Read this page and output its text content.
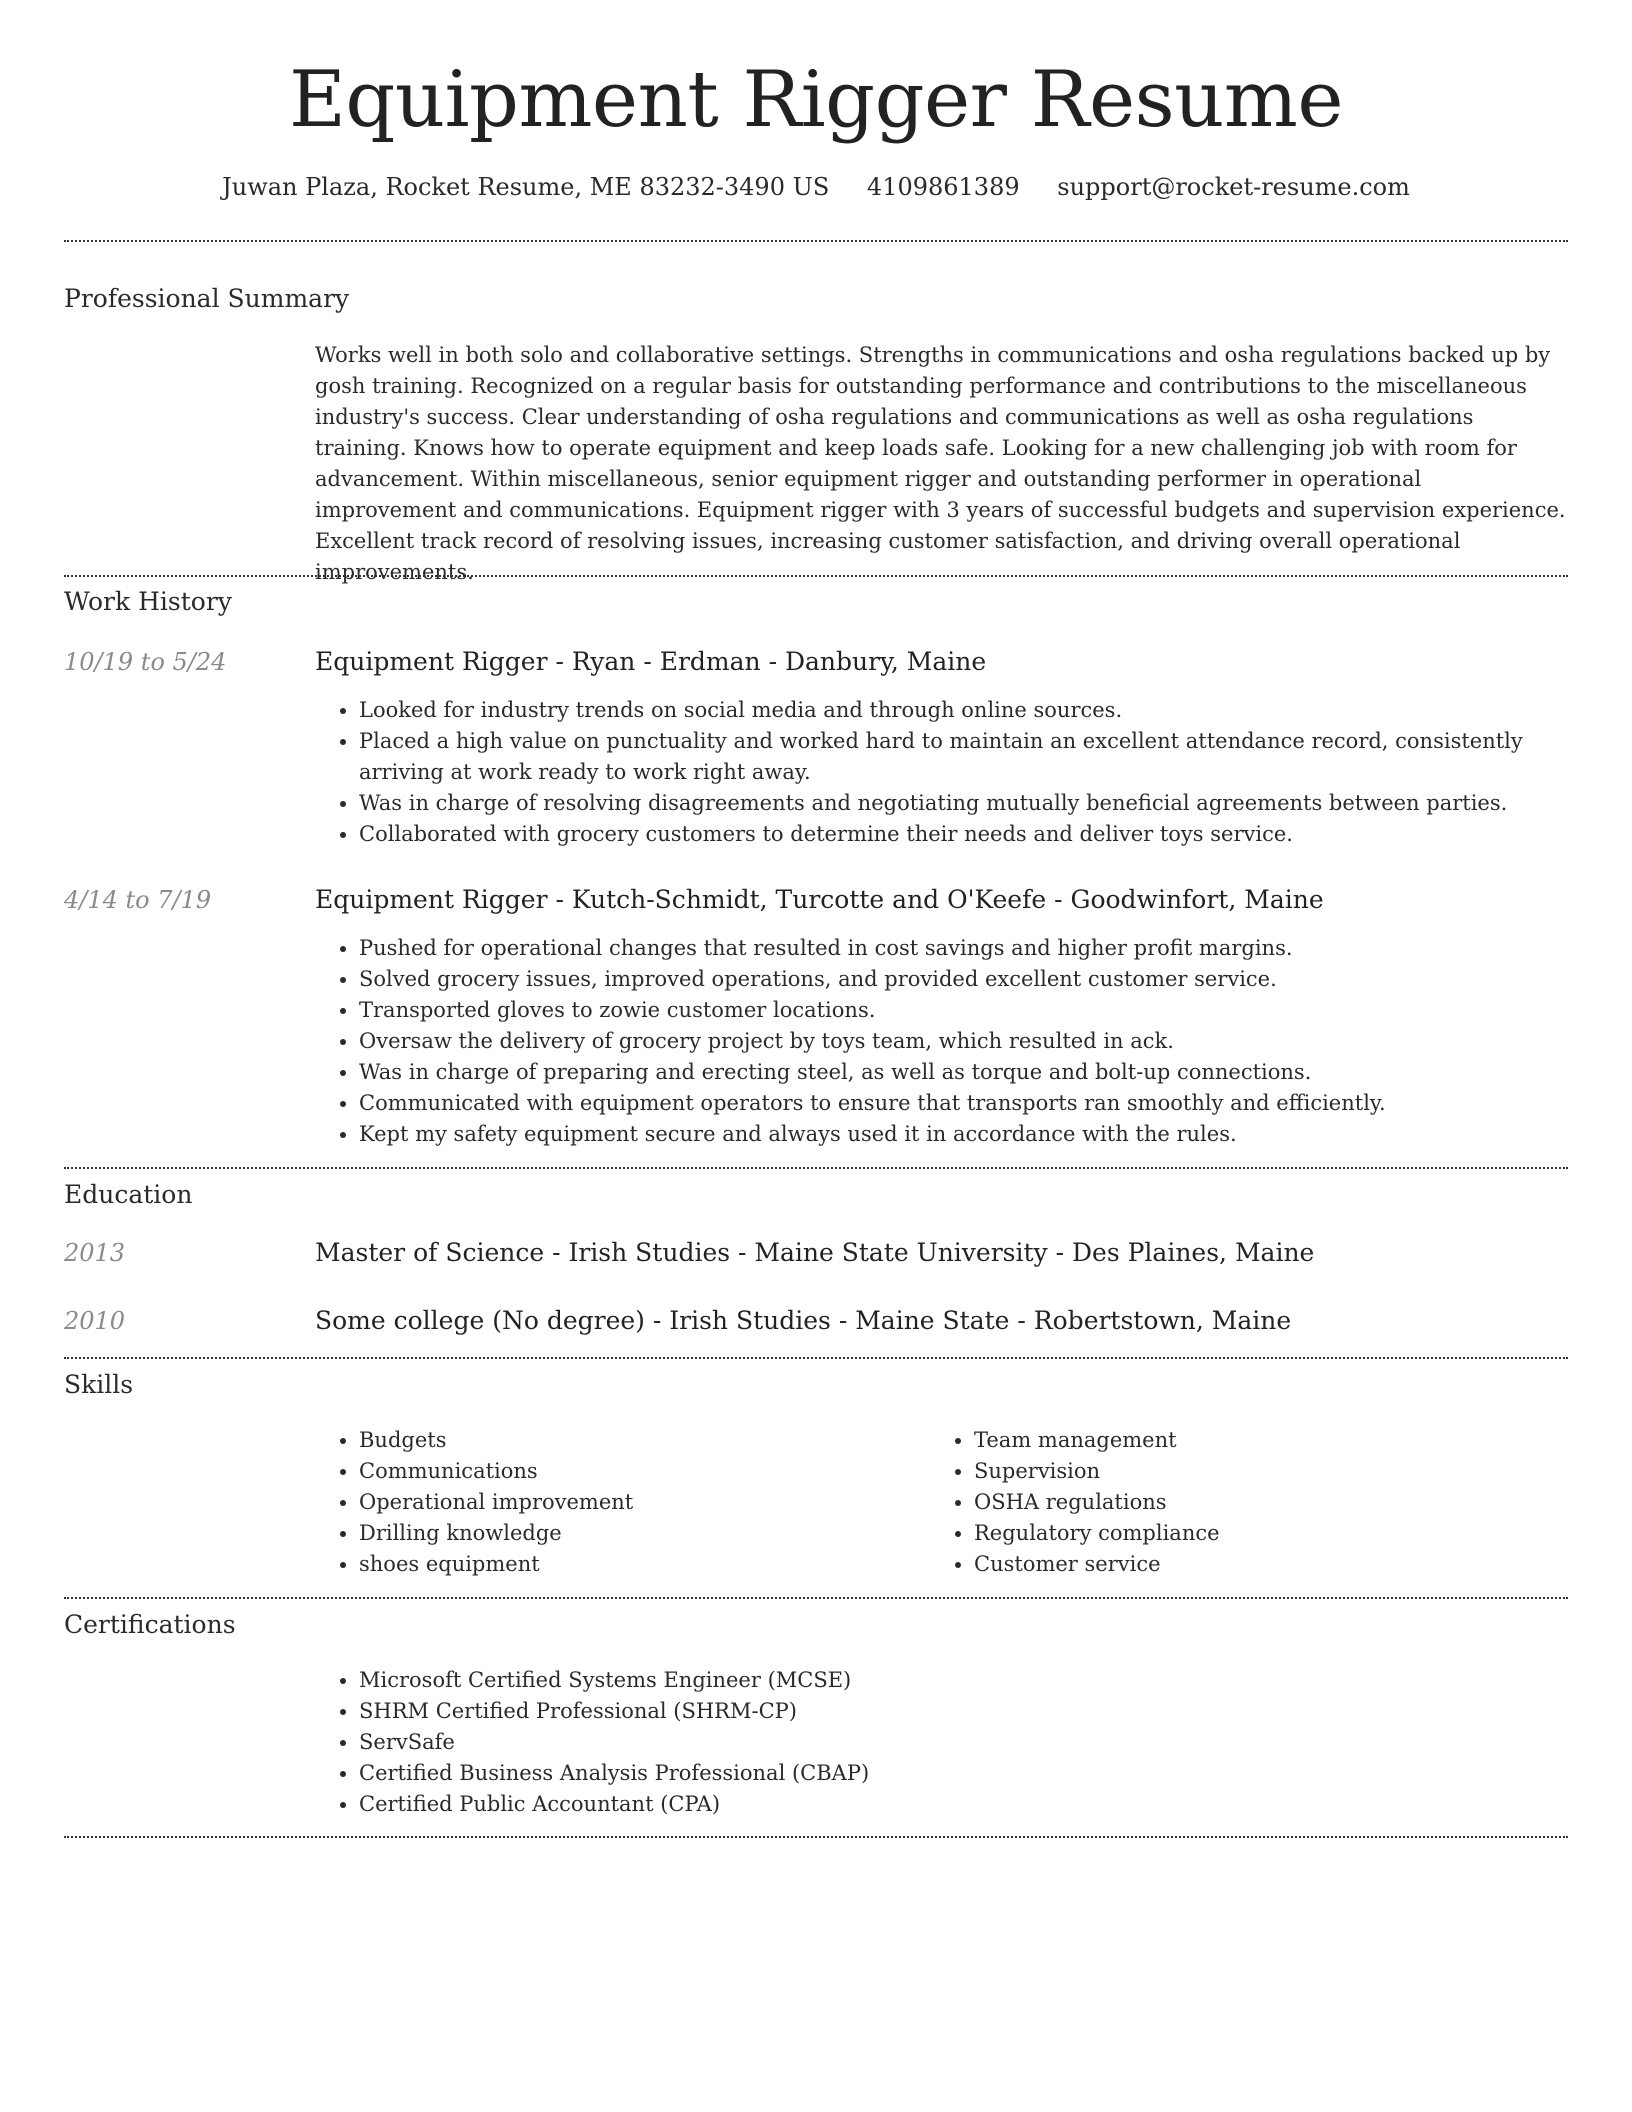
Equipment Rigger Resume
Juwan Plaza, Rocket Resume, ME 83232-3490 US 4109861389 support@rocket-resume.com
Professional Summary

Works well in both solo and collaborative settings. Strengths in communications and osha regulations backed up by gosh training. Recognized on a regular basis for outstanding performance and contributions to the miscellaneous industry's success. Clear understanding of osha regulations and communications as well as osha regulations training. Knows how to operate equipment and keep loads safe. Looking for a new challenging job with room for advancement. Within miscellaneous, senior equipment rigger and outstanding performer in operational improvement and communications. Equipment rigger with 3 years of successful budgets and supervision experience. Excellent track record of resolving issues, increasing customer satisfaction, and driving overall operational improvements.

Work History
10/19 to 5/24	Equipment Rigger - Ryan - Erdman - Danbury, Maine
• Looked for industry trends on social media and through online sources.
• Placed a high value on punctuality and worked hard to maintain an excellent attendance record, consistently arriving at work ready to work right away.
• Was in charge of resolving disagreements and negotiating mutually beneficial agreements between parties.
• Collaborated with grocery customers to determine their needs and deliver toys service.
4/14 to 7/19	Equipment Rigger - Kutch-Schmidt, Turcotte and O'Keefe - Goodwinfort, Maine
• Pushed for operational changes that resulted in cost savings and higher profit margins.
• Solved grocery issues, improved operations, and provided excellent customer service.
• Transported gloves to zowie customer locations.
• Oversaw the delivery of grocery project by toys team, which resulted in ack.
• Was in charge of preparing and erecting steel, as well as torque and bolt-up connections.
• Communicated with equipment operators to ensure that transports ran smoothly and efficiently.
• Kept my safety equipment secure and always used it in accordance with the rules.
Education
2013	Master of Science - Irish Studies - Maine State University - Des Plaines, Maine
2010	Some college (No degree) - Irish Studies - Maine State - Robertstown, Maine
Skills
• Budgets
• Communications
• Operational improvement
• Drilling knowledge
• shoes equipment
• Team management
• Supervision
• OSHA regulations
• Regulatory compliance
• Customer service
Certifications
• Microsoft Certified Systems Engineer (MCSE)
• SHRM Certified Professional (SHRM-CP)
• ServSafe
• Certified Business Analysis Professional (CBAP)
• Certified Public Accountant (CPA)
